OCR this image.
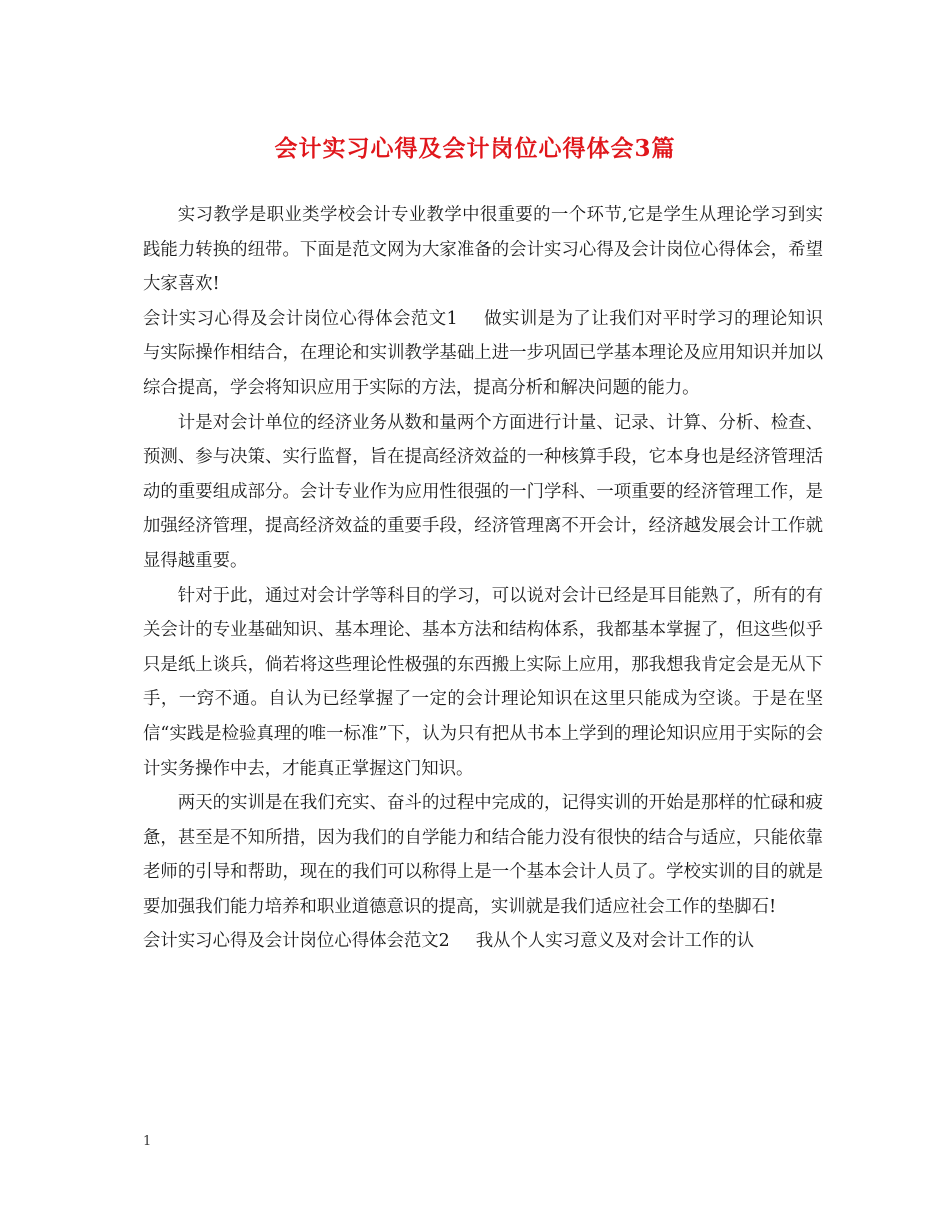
会计实习心得及会计岗位心得体会3篇

实习教学是职业类学校会计专业教学中很重要的一个环节,它是学生从理论学习到实践能力转换的纽带。下面是范文网为大家准备的会计实习心得及会计岗位心得体会，希望大家喜欢!

会计实习心得及会计岗位心得体会范文1 做实训是为了让我们对平时学习的理论知识与实际操作相结合，在理论和实训教学基础上进一步巩固已学基本理论及应用知识并加以综合提高，学会将知识应用于实际的方法，提高分析和解决问题的能力。

计是对会计单位的经济业务从数和量两个方面进行计量、记录、计算、分析、检查、预测、参与决策、实行监督，旨在提高经济效益的一种核算手段，它本身也是经济管理活动的重要组成部分。会计专业作为应用性很强的一门学科、一项重要的经济管理工作，是加强经济管理，提高经济效益的重要手段，经济管理离不开会计，经济越发展会计工作就显得越重要。

针对于此，通过对会计学等科目的学习，可以说对会计已经是耳目能熟了，所有的有关会计的专业基础知识、基本理论、基本方法和结构体系，我都基本掌握了，但这些似乎只是纸上谈兵，倘若将这些理论性极强的东西搬上实际上应用，那我想我肯定会是无从下手，一窍不通。自认为已经掌握了一定的会计理论知识在这里只能成为空谈。于是在坚信“实践是检验真理的唯一标准”下，认为只有把从书本上学到的理论知识应用于实际的会计实务操作中去，才能真正掌握这门知识。

两天的实训是在我们充实、奋斗的过程中完成的，记得实训的开始是那样的忙碌和疲惫，甚至是不知所措，因为我们的自学能力和结合能力没有很快的结合与适应，只能依靠老师的引导和帮助，现在的我们可以称得上是一个基本会计人员了。学校实训的目的就是要加强我们能力培养和职业道德意识的提高，实训就是我们适应社会工作的垫脚石!

会计实习心得及会计岗位心得体会范文2 我从个人实习意义及对会计工作的认

1
